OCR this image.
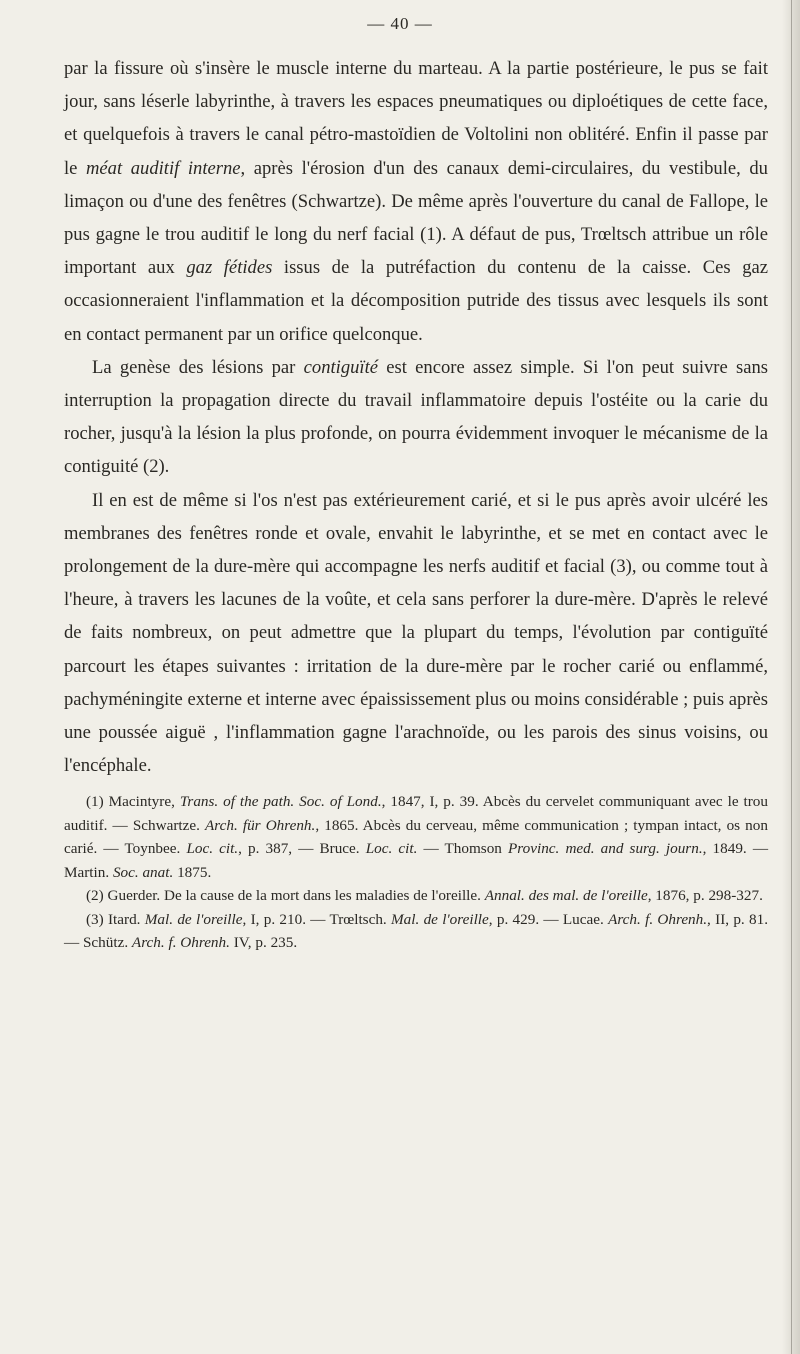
— 40 —

par la fissure où s'insère le muscle interne du marteau. A la partie postérieure, le pus se fait jour, sans léserle labyrinthe, à travers les espaces pneumatiques ou diploétiques de cette face, et quelquefois à travers le canal pétro-mastoïdien de Voltolini non oblitéré. Enfin il passe par le méat auditif interne, après l'érosion d'un des canaux demi-circulaires, du vestibule, du limaçon ou d'une des fenêtres (Schwartze). De même après l'ouverture du canal de Fallope, le pus gagne le trou auditif le long du nerf facial (1). A défaut de pus, Trœltsch attribue un rôle important aux gaz fétides issus de la putréfaction du contenu de la caisse. Ces gaz occasionneraient l'inflammation et la décomposition putride des tissus avec lesquels ils sont en contact permanent par un orifice quelconque.

La genèse des lésions par contiguïté est encore assez simple. Si l'on peut suivre sans interruption la propagation directe du travail inflammatoire depuis l'ostéite ou la carie du rocher, jusqu'à la lésion la plus profonde, on pourra évidemment invoquer le mécanisme de la contiguité (2).

Il en est de même si l'os n'est pas extérieurement carié, et si le pus après avoir ulcéré les membranes des fenêtres ronde et ovale, envahit le labyrinthe, et se met en contact avec le prolongement de la dure-mère qui accompagne les nerfs auditif et facial (3), ou comme tout à l'heure, à travers les lacunes de la voûte, et cela sans perforer la dure-mère. D'après le relevé de faits nombreux, on peut admettre que la plupart du temps, l'évolution par contiguïté parcourt les étapes suivantes : irritation de la dure-mère par le rocher carié ou enflammé, pachyméningite externe et interne avec épaississement plus ou moins considérable ; puis après une poussée aiguë , l'inflammation gagne l'arachnoïde, ou les parois des sinus voisins, ou l'encéphale.

(1) Macintyre, Trans. of the path. Soc. of Lond., 1847, I, p. 39. Abcès du cervelet communiquant avec le trou auditif. — Schwartze. Arch. für Ohrenh., 1865. Abcès du cerveau, même communication ; tympan intact, os non carié. — Toynbee. Loc. cit., p. 387, — Bruce. Loc. cit. — Thomson Provinc. med. and surg. journ., 1849. — Martin. Soc. anat. 1875.

(2) Guerder. De la cause de la mort dans les maladies de l'oreille. Annal. des mal. de l'oreille, 1876, p. 298-327.

(3) Itard. Mal. de l'oreille, I, p. 210. — Trœltsch. Mal. de l'oreille, p. 429. — Lucae. Arch. f. Ohrenh., II, p. 81. — Schütz. Arch. f. Ohrenh. IV, p. 235.
